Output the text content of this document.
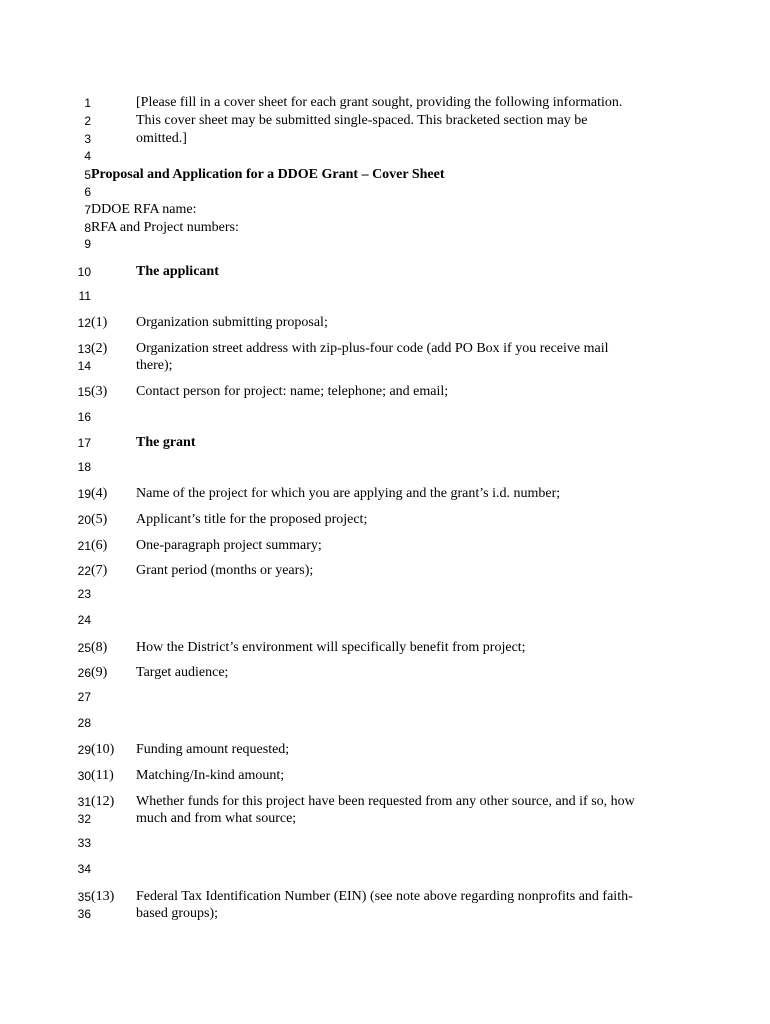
1
2
3
4
5
6
7
8
9
10
11
12
13
14
15
16
17
18
19
20
21
22
23
24
25
26
27
28
29
30
31
32
33
34
35
36
[Please fill in a cover sheet for each grant sought, providing the following information.
This cover sheet may be submitted single-spaced. This bracketed section may be
omitted.]
Proposal and Application for a DDOE Grant – Cover Sheet
DDOE RFA name:
RFA and Project numbers:
The applicant
(1) Organization submitting proposal;
(2) Organization street address with zip-plus-four code (add PO Box if you receive mail
there);
(3) Contact person for project: name; telephone; and email;
The grant
(4) Name of the project for which you are applying and the grant’s i.d. number;
(5) Applicant’s title for the proposed project;
(6) One-paragraph project summary;
(7) Grant period (months or years);
(8) How the District’s environment will specifically benefit from project;
(9) Target audience;
(10) Funding amount requested;
(11) Matching/In-kind amount;
(12) Whether funds for this project have been requested from any other source, and if so, how
much and from what source;
(13) Federal Tax Identification Number (EIN) (see note above regarding nonprofits and faith-
based groups);
